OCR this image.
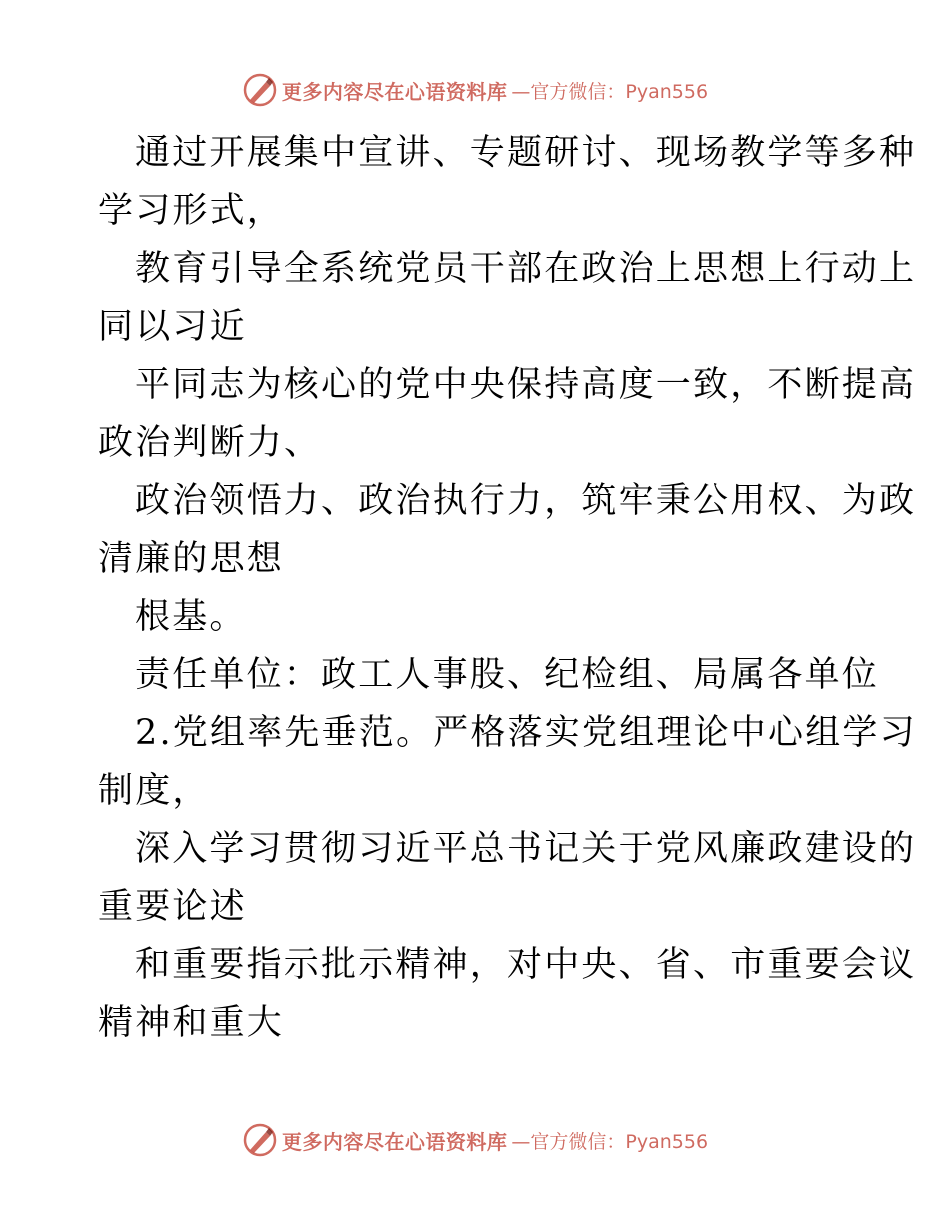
更多内容尽在心语资料库 —官方微信：Pyan556
通过开展集中宣讲、专题研讨、现场教学等多种
学习形式，
教育引导全系统党员干部在政治上思想上行动上
同以习近
平同志为核心的党中央保持高度一致，不断提高
政治判断力、
政治领悟力、政治执行力，筑牢秉公用权、为政
清廉的思想
根基。
责任单位：政工人事股、纪检组、局属各单位
2.党组率先垂范。严格落实党组理论中心组学习
制度，
深入学习贯彻习近平总书记关于党风廉政建设的
重要论述
和重要指示批示精神，对中央、省、市重要会议
精神和重大
更多内容尽在心语资料库 —官方微信：Pyan556
